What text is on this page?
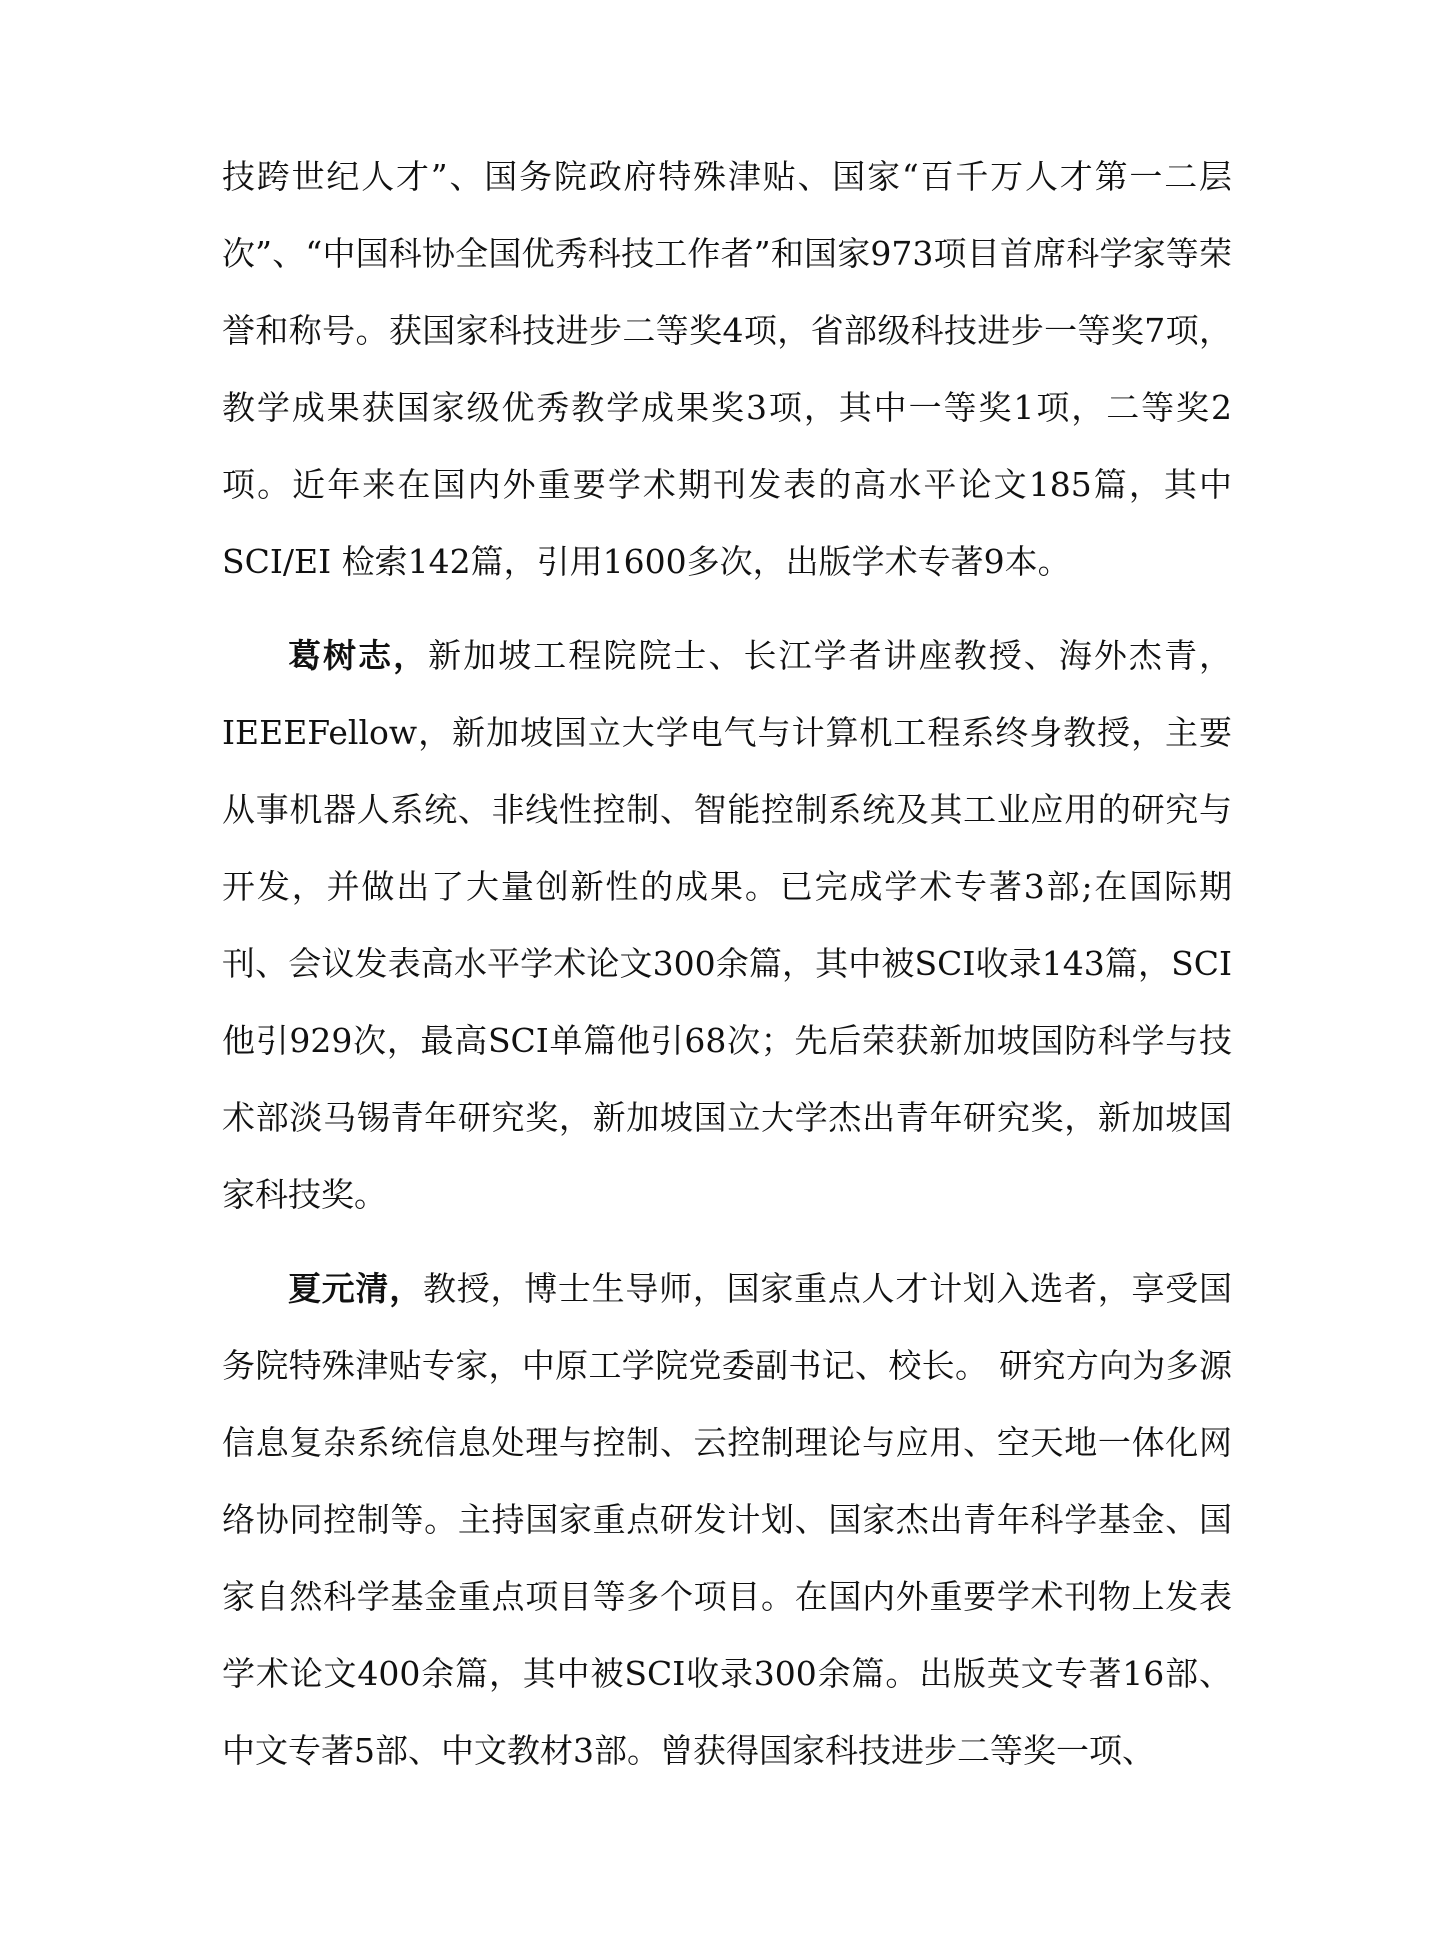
技跨世纪人才”、国务院政府特殊津贴、国家“百千万人才第一二层次”、“中国科协全国优秀科技工作者”和国家973项目首席科学家等荣誉和称号。获国家科技进步二等奖4项，省部级科技进步一等奖7项，教学成果获国家级优秀教学成果奖3项，其中一等奖1项，二等奖2项。近年来在国内外重要学术期刊发表的高水平论文185篇，其中SCI/EI 检索142篇，引用1600多次，出版学术专著9本。

葛树志，新加坡工程院院士、长江学者讲座教授、海外杰青，IEEEFellow，新加坡国立大学电气与计算机工程系终身教授，主要从事机器人系统、非线性控制、智能控制系统及其工业应用的研究与开发，并做出了大量创新性的成果。已完成学术专著3部;在国际期刊、会议发表高水平学术论文300余篇，其中被SCI收录143篇，SCI他引929次，最高SCI单篇他引68次；先后荣获新加坡国防科学与技术部淡马锡青年研究奖，新加坡国立大学杰出青年研究奖，新加坡国家科技奖。

夏元清，教授，博士生导师，国家重点人才计划入选者，享受国务院特殊津贴专家，中原工学院党委副书记、校长。 研究方向为多源信息复杂系统信息处理与控制、云控制理论与应用、空天地一体化网络协同控制等。主持国家重点研发计划、国家杰出青年科学基金、国家自然科学基金重点项目等多个项目。在国内外重要学术刊物上发表学术论文400余篇，其中被SCI收录300余篇。出版英文专著16部、中文专著5部、中文教材3部。曾获得国家科技进步二等奖一项、
